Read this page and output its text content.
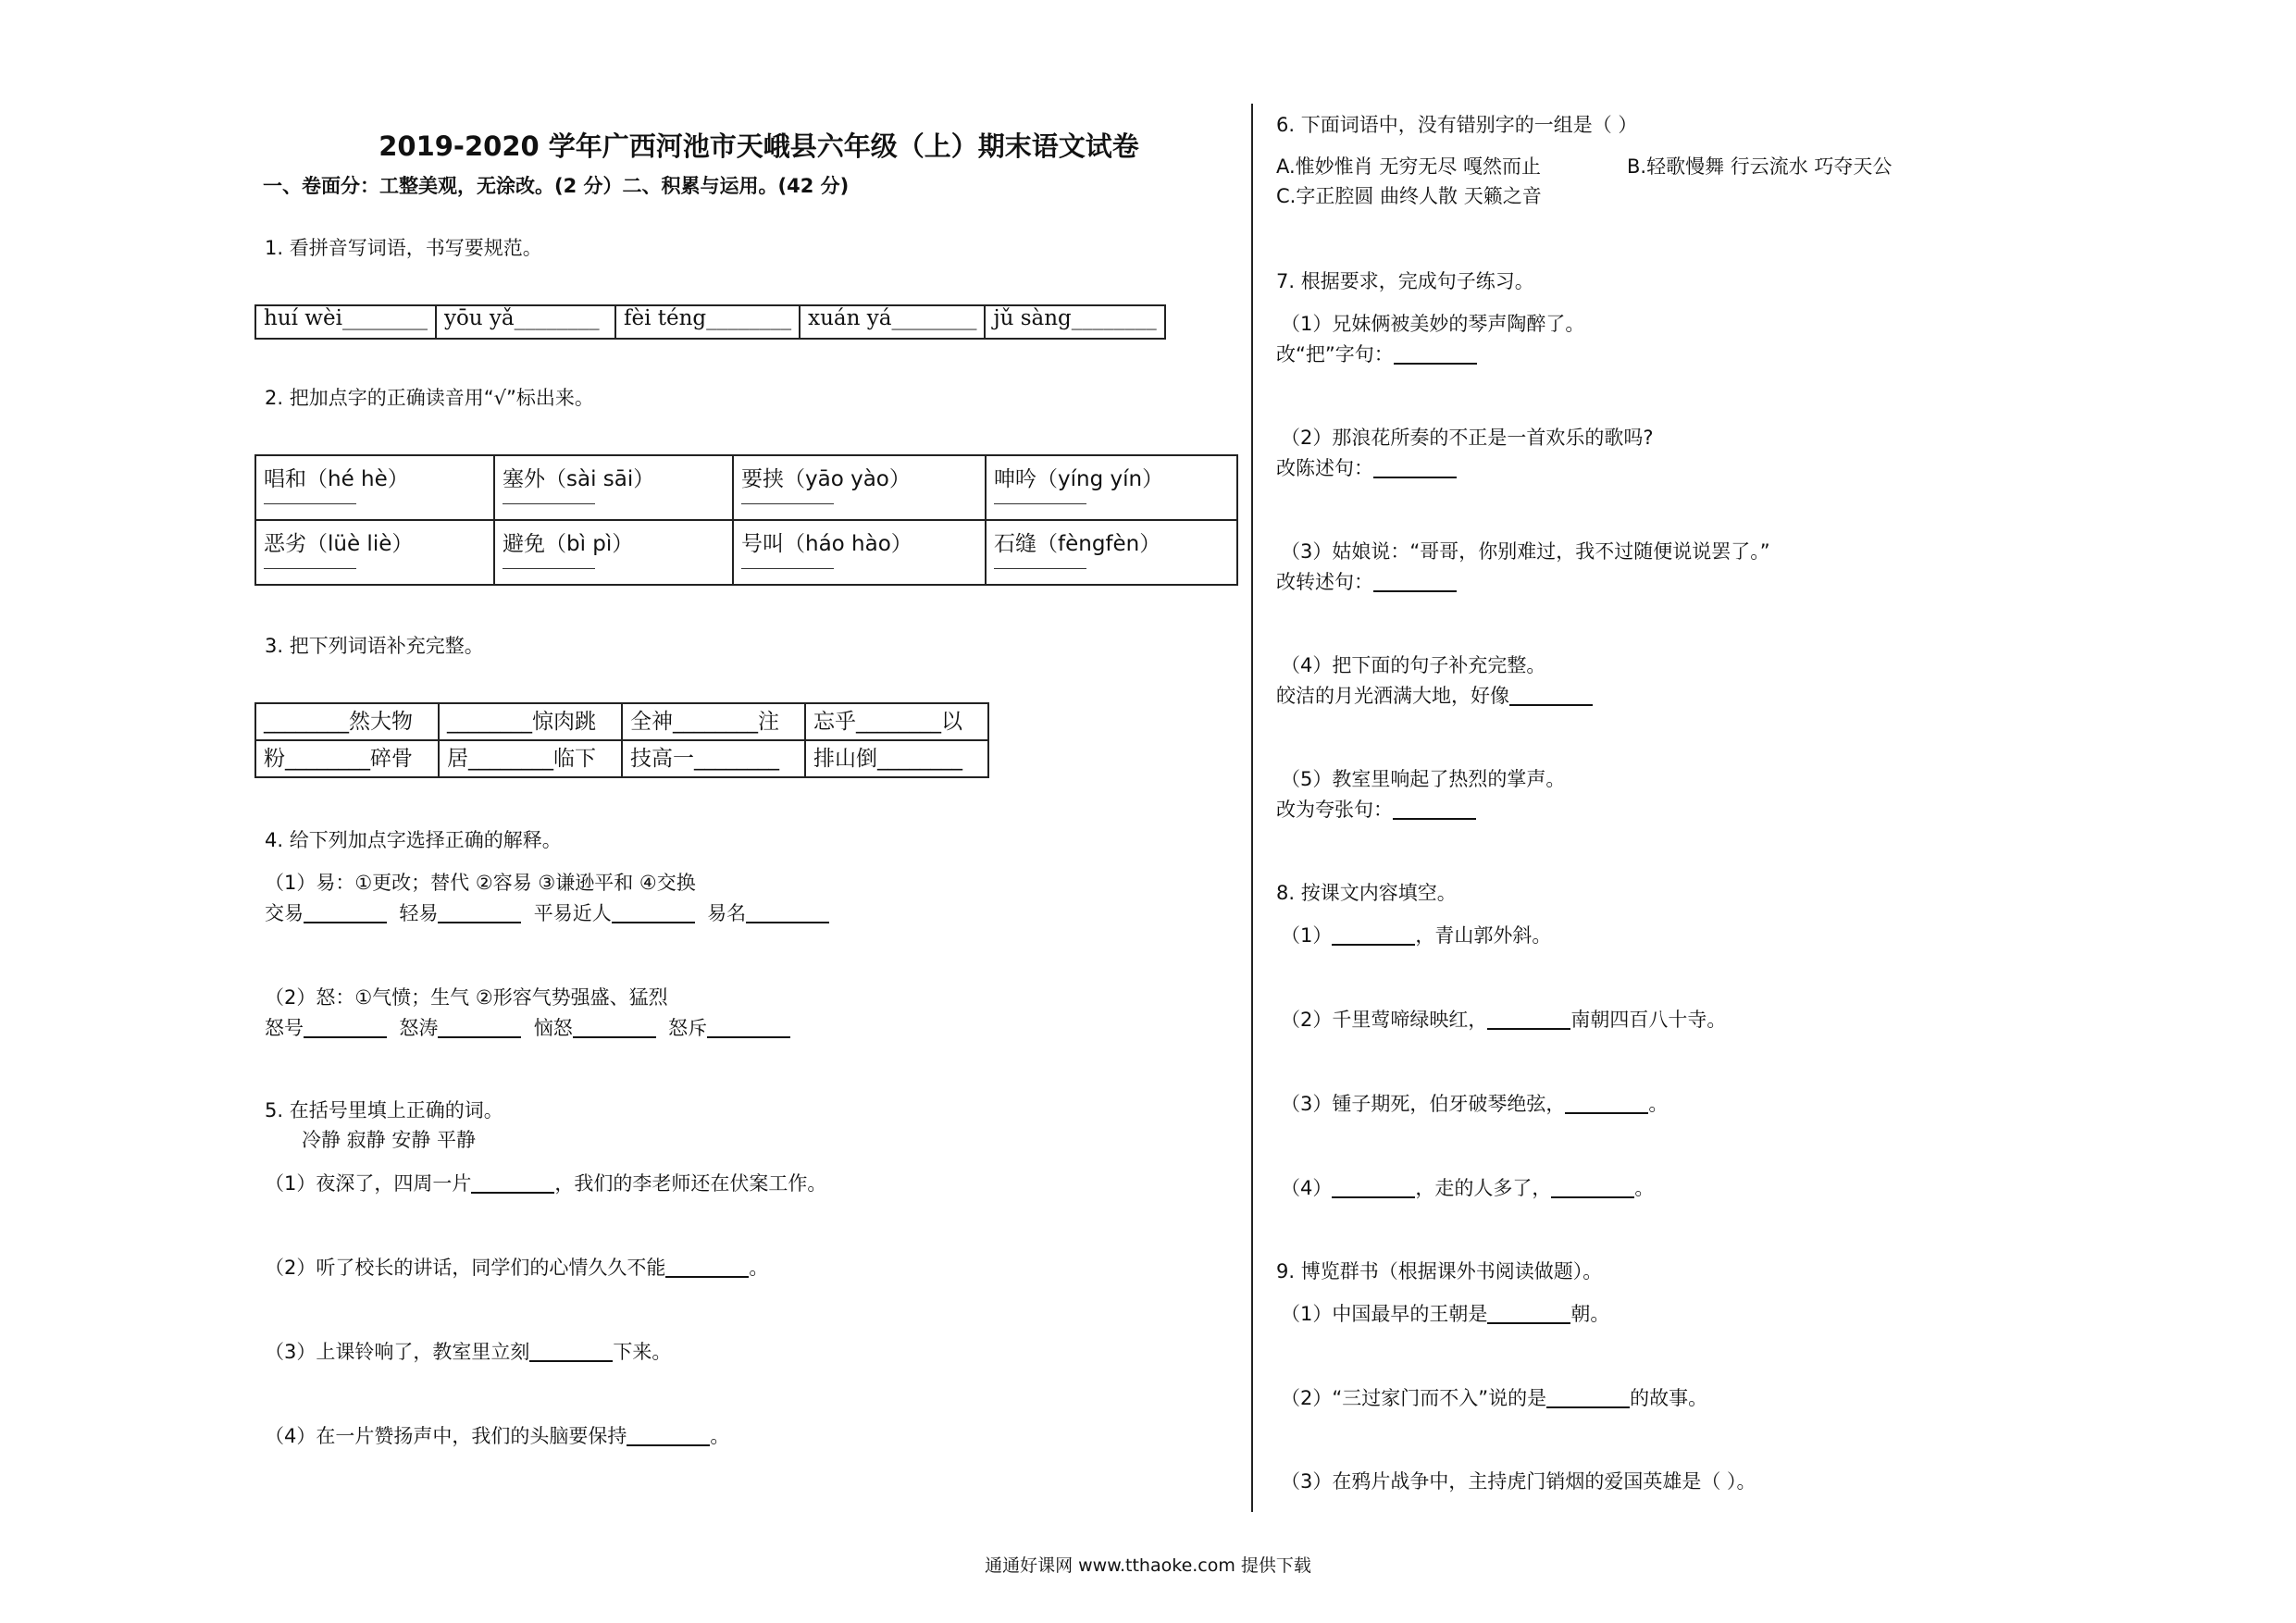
2019-2020 学年广西河池市天峨县六年级（上）期末语文试卷
一、卷面分：工整美观，无涂改。(2 分）二、积累与运用。(42 分)
1. 看拼音写词语，书写要规范。
huí wèi________	yōu yǎ________	fèi téng________	xuán yá________	jǔ sàng________
2. 把加点字的正确读音用“√”标出来。
唱和（hé hè）	塞外（sài sāi）	要挟（yāo yào）	呻吟（yíng yín）

恶劣（lüè liè）	避免（bì pì）	号叫（háo hào）	石缝（fèngfèn）
3. 把下列词语补充完整。
________然大物	________惊肉跳	全神________注	忘乎________以
粉________碎骨	居________临下	技高一________	排山倒________
4. 给下列加点字选择正确的解释。
（1）易：①更改；替代 ②容易 ③谦逊平和 ④交换
交易	轻易	平易近人	易名
（2）怒：①气愤；生气 ②形容气势强盛、猛烈
怒号	怒涛	恼怒	怒斥
5. 在括号里填上正确的词。
冷静 寂静 安静 平静
（1）夜深了，四周一片	，我们的李老师还在伏案工作。
（2）听了校长的讲话，同学们的心情久久不能	。
（3）上课铃响了，教室里立刻	下来。
（4）在一片赞扬声中，我们的头脑要保持	。
6. 下面词语中，没有错别字的一组是（ ）
A.惟妙惟肖 无穷无尽 嘎然而止	B.轻歌慢舞 行云流水 巧夺天公
C.字正腔圆 曲终人散 天籁之音
7. 根据要求，完成句子练习。
（1）兄妹俩被美妙的琴声陶醉了。
改“把”字句：
（2）那浪花所奏的不正是一首欢乐的歌吗?
改陈述句：
（3）姑娘说：“哥哥，你别难过，我不过随便说说罢了。”
改转述句：
（4）把下面的句子补充完整。
皎洁的月光洒满大地，好像
（5）教室里响起了热烈的掌声。
改为夸张句：
8. 按课文内容填空。
（1）	，青山郭外斜。
（2）千里莺啼绿映红，	南朝四百八十寺。
（3）锺子期死，伯牙破琴绝弦，	。
（4）	，走的人多了，	。
9. 博览群书（根据课外书阅读做题）。
（1）中国最早的王朝是	朝。
（2）“三过家门而不入”说的是	的故事。
（3）在鸦片战争中，主持虎门销烟的爱国英雄是（ ）。
通通好课网 www.tthaoke.com 提供下载
